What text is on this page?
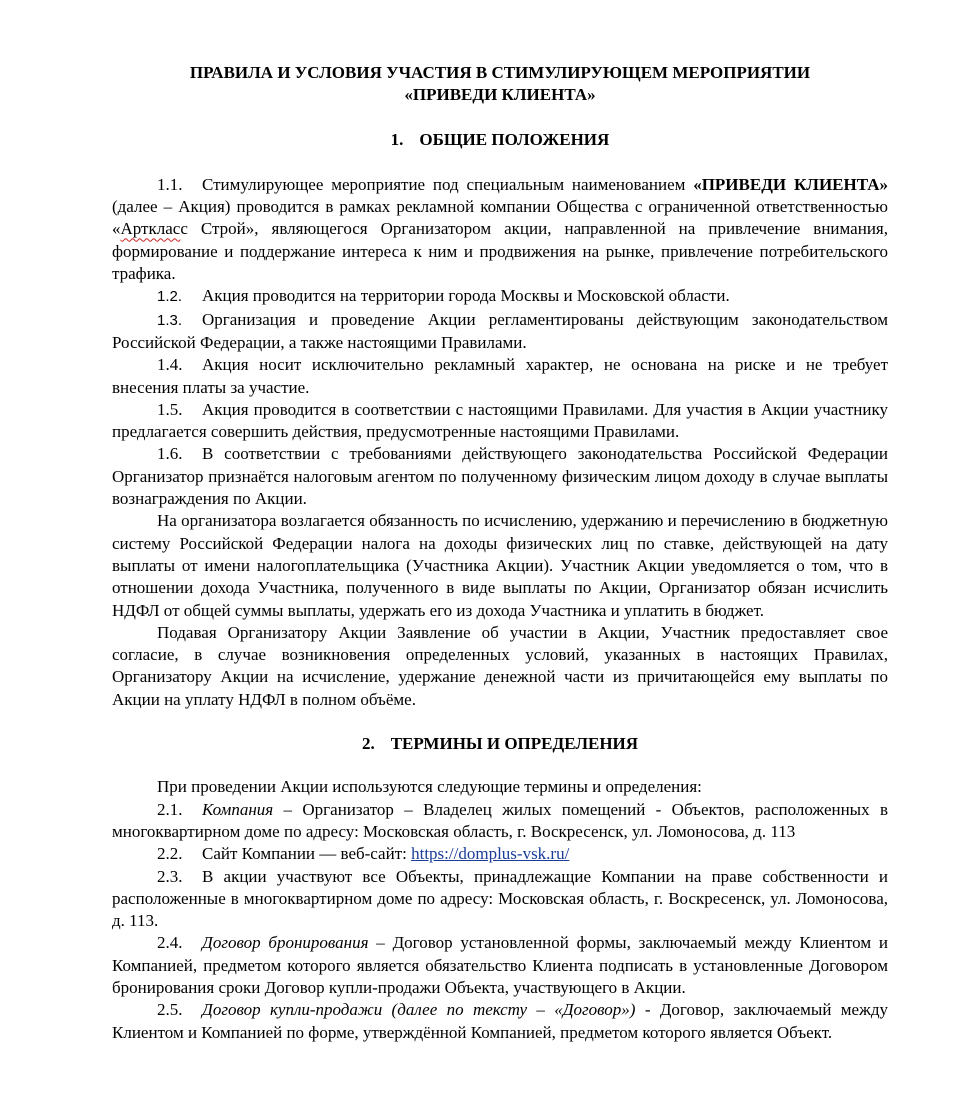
ПРАВИЛА И УСЛОВИЯ УЧАСТИЯ В СТИМУЛИРУЮЩЕМ МЕРОПРИЯТИИ
«ПРИВЕДИ КЛИЕНТА»
1. ОБЩИЕ ПОЛОЖЕНИЯ

1.1. Стимулирующее мероприятие под специальным наименованием «ПРИВЕДИ КЛИЕНТА» (далее – Акция) проводится в рамках рекламной компании Общества с ограниченной ответственностью «Арткласс Строй», являющегося Организатором акции, направленной на привлечение внимания, формирование и поддержание интереса к ним и продвижения на рынке, привлечение потребительского трафика.

1.2. Акция проводится на территории города Москвы и Московской области.

1.3. Организация и проведение Акции регламентированы действующим законодательством Российской Федерации, а также настоящими Правилами.

1.4. Акция носит исключительно рекламный характер, не основана на риске и не требует внесения платы за участие.

1.5. Акция проводится в соответствии с настоящими Правилами. Для участия в Акции участнику предлагается совершить действия, предусмотренные настоящими Правилами.

1.6. В соответствии с требованиями действующего законодательства Российской Федерации Организатор признаётся налоговым агентом по полученному физическим лицом доходу в случае выплаты вознаграждения по Акции.

На организатора возлагается обязанность по исчислению, удержанию и перечислению в бюджетную систему Российской Федерации налога на доходы физических лиц по ставке, действующей на дату выплаты от имени налогоплательщика (Участника Акции). Участник Акции уведомляется о том, что в отношении дохода Участника, полученного в виде выплаты по Акции, Организатор обязан исчислить НДФЛ от общей суммы выплаты, удержать его из дохода Участника и уплатить в бюджет.

Подавая Организатору Акции Заявление об участии в Акции, Участник предоставляет свое согласие, в случае возникновения определенных условий, указанных в настоящих Правилах, Организатору Акции на исчисление, удержание денежной части из причитающейся ему выплаты по Акции на уплату НДФЛ в полном объёме.

2. ТЕРМИНЫ И ОПРЕДЕЛЕНИЯ

При проведении Акции используются следующие термины и определения:

2.1. Компания – Организатор – Владелец жилых помещений - Объектов, расположенных в многоквартирном доме по адресу: Московская область, г. Воскресенск, ул. Ломоносова, д. 113

2.2. Сайт Компании — веб-сайт: https://domplus-vsk.ru/

2.3. В акции участвуют все Объекты, принадлежащие Компании на праве собственности и расположенные в многоквартирном доме по адресу: Московская область, г. Воскресенск, ул. Ломоносова, д. 113.

2.4. Договор бронирования – Договор установленной формы, заключаемый между Клиентом и Компанией, предметом которого является обязательство Клиента подписать в установленные Договором бронирования сроки Договор купли-продажи Объекта, участвующего в Акции.

2.5. Договор купли-продажи (далее по тексту – «Договор») - Договор, заключаемый между Клиентом и Компанией по форме, утверждённой Компанией, предметом которого является Объект.
